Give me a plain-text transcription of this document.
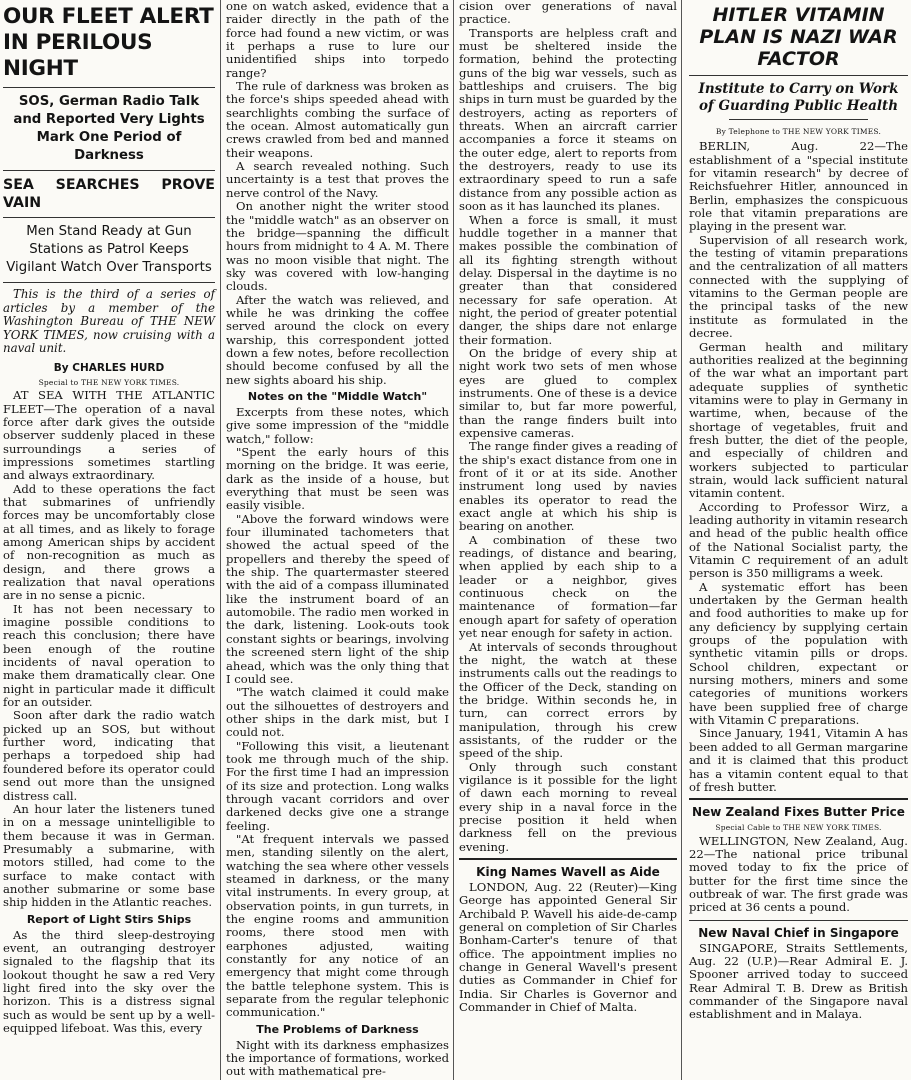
OUR FLEET ALERT IN PERILOUS NIGHT

SOS, German Radio Talk and Reported Very Lights Mark One Period of Darkness

SEA SEARCHES PROVE VAIN

Men Stand Ready at Gun Stations as Patrol Keeps Vigilant Watch Over Transports

This is the third of a series of articles by a member of the Washington Bureau of THE NEW YORK TIMES, now cruising with a naval unit.

By CHARLES HURD

Special to THE NEW YORK TIMES.

AT SEA WITH THE ATLANTIC FLEET—The operation of a naval force after dark gives the outside observer suddenly placed in these surroundings a series of impressions sometimes startling and always extraordinary.

Add to these operations the fact that submarines of unfriendly forces may be uncomfortably close at all times, and as likely to forage among American ships by accident of non-recognition as much as design, and there grows a realization that naval operations are in no sense a picnic.

It has not been necessary to imagine possible conditions to reach this conclusion; there have been enough of the routine incidents of naval operation to make them dramatically clear. One night in particular made it difficult for an outsider.

Soon after dark the radio watch picked up an SOS, but without further word, indicating that perhaps a torpedoed ship had foundered before its operator could send out more than the unsigned distress call.

An hour later the listeners tuned in on a message unintelligible to them because it was in German. Presumably a submarine, with motors stilled, had come to the surface to make contact with another submarine or some base ship hidden in the Atlantic reaches.

Report of Light Stirs Ships

As the third sleep-destroying event, an outranging destroyer signaled to the flagship that its lookout thought he saw a red Very light fired into the sky over the horizon. This is a distress signal such as would be sent up by a well-equipped lifeboat. Was this, every

one on watch asked, evidence that a raider directly in the path of the force had found a new victim, or was it perhaps a ruse to lure our unidentified ships into torpedo range?

The rule of darkness was broken as the force's ships speeded ahead with searchlights combing the surface of the ocean. Almost automatically gun crews crawled from bed and manned their weapons.

A search revealed nothing. Such uncertainty is a test that proves the nerve control of the Navy.

On another night the writer stood the "middle watch" as an observer on the bridge—spanning the difficult hours from midnight to 4 A. M. There was no moon visible that night. The sky was covered with low-hanging clouds.

After the watch was relieved, and while he was drinking the coffee served around the clock on every warship, this correspondent jotted down a few notes, before recollection should become confused by all the new sights aboard his ship.

Notes on the "Middle Watch"

Excerpts from these notes, which give some impression of the "middle watch," follow:

"Spent the early hours of this morning on the bridge. It was eerie, dark as the inside of a house, but everything that must be seen was easily visible.

"Above the forward windows were four illuminated tachometers that showed the actual speed of the propellers and thereby the speed of the ship. The quartermaster steered with the aid of a compass illuminated like the instrument board of an automobile. The radio men worked in the dark, listening. Look-outs took constant sights or bearings, involving the screened stern light of the ship ahead, which was the only thing that I could see.

"The watch claimed it could make out the silhouettes of destroyers and other ships in the dark mist, but I could not.

"Following this visit, a lieutenant took me through much of the ship. For the first time I had an impression of its size and protection. Long walks through vacant corridors and over darkened decks give one a strange feeling.

"At frequent intervals we passed men, standing silently on the alert, watching the sea where other vessels steamed in darkness, or the many vital instruments. In every group, at observation points, in gun turrets, in the engine rooms and ammunition rooms, there stood men with earphones adjusted, waiting constantly for any notice of an emergency that might come through the battle telephone system. This is separate from the regular telephonic communication."

The Problems of Darkness

Night with its darkness emphasizes the importance of formations, worked out with mathematical pre-

cision over generations of naval practice.

Transports are helpless craft and must be sheltered inside the formation, behind the protecting guns of the big war vessels, such as battleships and cruisers. The big ships in turn must be guarded by the destroyers, acting as reporters of threats. When an aircraft carrier accompanies a force it steams on the outer edge, alert to reports from the destroyers, ready to use its extraordinary speed to run a safe distance from any possible action as soon as it has launched its planes.

When a force is small, it must huddle together in a manner that makes possible the combination of all its fighting strength without delay. Dispersal in the daytime is no greater than that considered necessary for safe operation. At night, the period of greater potential danger, the ships dare not enlarge their formation.

On the bridge of every ship at night work two sets of men whose eyes are glued to complex instruments. One of these is a device similar to, but far more powerful, than the range finders built into expensive cameras.

The range finder gives a reading of the ship's exact distance from one in front of it or at its side. Another instrument long used by navies enables its operator to read the exact angle at which his ship is bearing on another.

A combination of these two readings, of distance and bearing, when applied by each ship to a leader or a neighbor, gives continuous check on the maintenance of formation—far enough apart for safety of operation yet near enough for safety in action.

At intervals of seconds throughout the night, the watch at these instruments calls out the readings to the Officer of the Deck, standing on the bridge. Within seconds he, in turn, can correct errors by manipulation, through his crew assistants, of the rudder or the speed of the ship.

Only through such constant vigilance is it possible for the light of dawn each morning to reveal every ship in a naval force in the precise position it held when darkness fell on the previous evening.

King Names Wavell as Aide

LONDON, Aug. 22 (Reuter)—King George has appointed General Sir Archibald P. Wavell his aide-de-camp general on completion of Sir Charles Bonham-Carter's tenure of that office. The appointment implies no change in General Wavell's present duties as Commander in Chief for India. Sir Charles is Governor and Commander in Chief of Malta.

HITLER VITAMIN PLAN IS NAZI WAR FACTOR

Institute to Carry on Work of Guarding Public Health

By Telephone to THE NEW YORK TIMES.

BERLIN, Aug. 22—The establishment of a "special institute for vitamin research" by decree of Reichsfuehrer Hitler, announced in Berlin, emphasizes the conspicuous role that vitamin preparations are playing in the present war.

Supervision of all research work, the testing of vitamin preparations and the centralization of all matters connected with the supplying of vitamins to the German people are the principal tasks of the new institute as formulated in the decree.

German health and military authorities realized at the beginning of the war what an important part adequate supplies of synthetic vitamins were to play in Germany in wartime, when, because of the shortage of vegetables, fruit and fresh butter, the diet of the people, and especially of children and workers subjected to particular strain, would lack sufficient natural vitamin content.

According to Professor Wirz, a leading authority in vitamin research and head of the public health office of the National Socialist party, the Vitamin C requirement of an adult person is 350 milligrams a week.

A systematic effort has been undertaken by the German health and food authorities to make up for any deficiency by supplying certain groups of the population with synthetic vitamin pills or drops. School children, expectant or nursing mothers, miners and some categories of munitions workers have been supplied free of charge with Vitamin C preparations.

Since January, 1941, Vitamin A has been added to all German margarine and it is claimed that this product has a vitamin content equal to that of fresh butter.

New Zealand Fixes Butter Price

Special Cable to THE NEW YORK TIMES.

WELLINGTON, New Zealand, Aug. 22—The national price tribunal moved today to fix the price of butter for the first time since the outbreak of war. The first grade was priced at 36 cents a pound.

New Naval Chief in Singapore

SINGAPORE, Straits Settlements, Aug. 22 (U.P.)—Rear Admiral E. J. Spooner arrived today to succeed Rear Admiral T. B. Drew as British commander of the Singapore naval establishment and in Malaya.
